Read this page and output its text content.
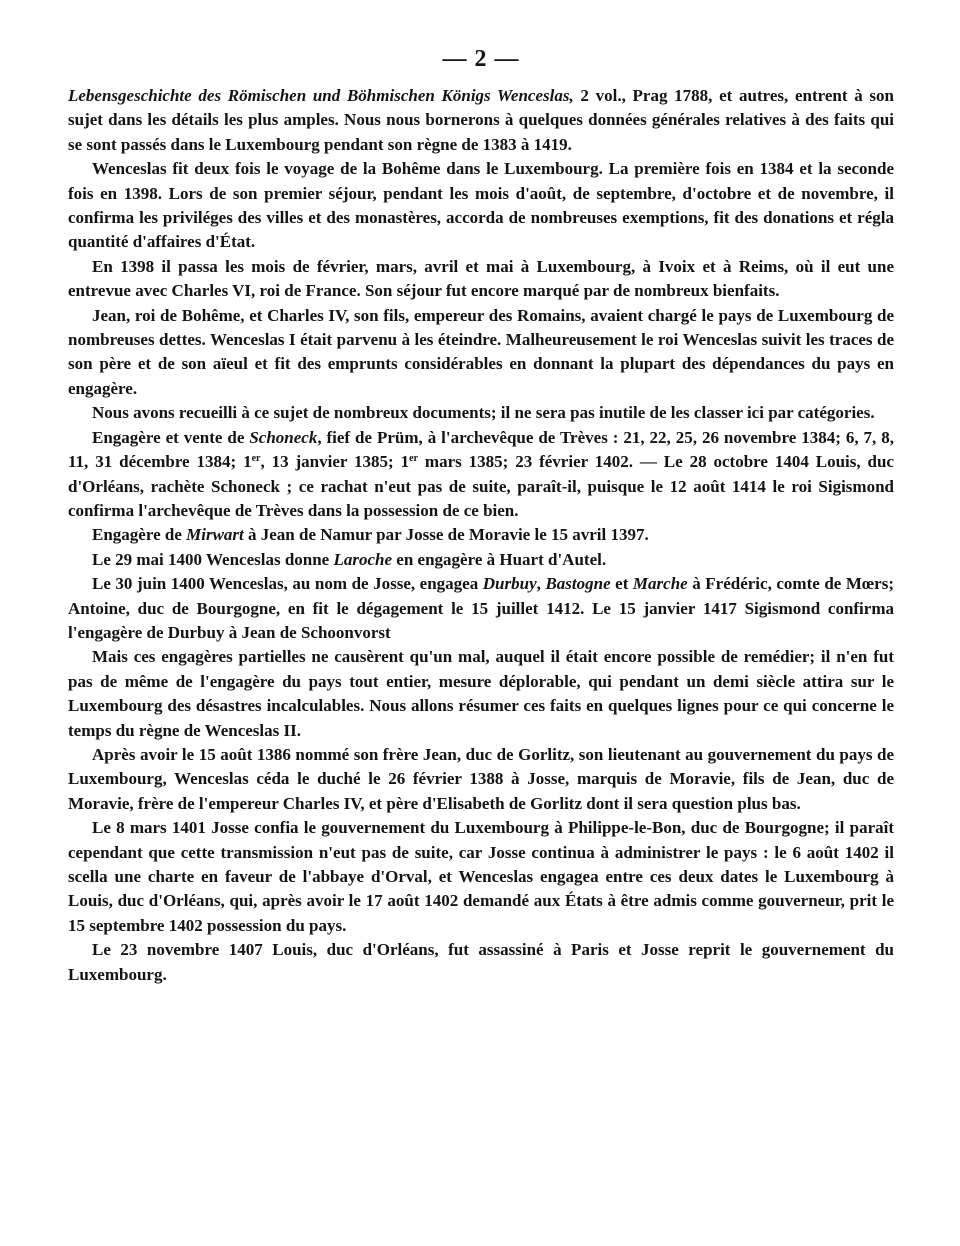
— 2 —

Lebensgeschichte des Römischen und Böhmischen Königs Wenceslas, 2 vol., Prag 1788, et autres, entrent à son sujet dans les détails les plus amples. Nous nous bornerons à quelques données générales relatives à des faits qui se sont passés dans le Luxembourg pendant son règne de 1383 à 1419.

Wenceslas fit deux fois le voyage de la Bohême dans le Luxembourg. La première fois en 1384 et la seconde fois en 1398. Lors de son premier séjour, pendant les mois d'août, de septembre, d'octobre et de novembre, il confirma les priviléges des villes et des monastères, accorda de nombreuses exemptions, fit des donations et régla quantité d'affaires d'État.

En 1398 il passa les mois de février, mars, avril et mai à Luxembourg, à Ivoix et à Reims, où il eut une entrevue avec Charles VI, roi de France. Son séjour fut encore marqué par de nombreux bienfaits.

Jean, roi de Bohême, et Charles IV, son fils, empereur des Romains, avaient chargé le pays de Luxembourg de nombreuses dettes. Wenceslas I était parvenu à les éteindre. Malheureusement le roi Wenceslas suivit les traces de son père et de son aïeul et fit des emprunts considérables en donnant la plupart des dépendances du pays en engagère.

Nous avons recueilli à ce sujet de nombreux documents; il ne sera pas inutile de les classer ici par catégories.

Engagère et vente de Schoneck, fief de Prüm, à l'archevêque de Trèves : 21, 22, 25, 26 novembre 1384; 6, 7, 8, 11, 31 décembre 1384; 1er, 13 janvier 1385; 1er mars 1385; 23 février 1402. — Le 28 octobre 1404 Louis, duc d'Orléans, rachète Schoneck ; ce rachat n'eut pas de suite, paraît-il, puisque le 12 août 1414 le roi Sigismond confirma l'archevêque de Trèves dans la possession de ce bien.

Engagère de Mirwart à Jean de Namur par Josse de Moravie le 15 avril 1397.

Le 29 mai 1400 Wenceslas donne Laroche en engagère à Huart d'Autel.

Le 30 juin 1400 Wenceslas, au nom de Josse, engagea Durbuy, Bastogne et Marche à Frédéric, comte de Mœrs; Antoine, duc de Bourgogne, en fit le dégagement le 15 juillet 1412. Le 15 janvier 1417 Sigismond confirma l'engagère de Durbuy à Jean de Schoonvorst

Mais ces engagères partielles ne causèrent qu'un mal, auquel il était encore possible de remédier; il n'en fut pas de même de l'engagère du pays tout entier, mesure déplorable, qui pendant un demi siècle attira sur le Luxembourg des désastres incalculables. Nous allons résumer ces faits en quelques lignes pour ce qui concerne le temps du règne de Wenceslas II.

Après avoir le 15 août 1386 nommé son frère Jean, duc de Gorlitz, son lieutenant au gouvernement du pays de Luxembourg, Wenceslas céda le duché le 26 février 1388 à Josse, marquis de Moravie, fils de Jean, duc de Moravie, frère de l'empereur Charles IV, et père d'Elisabeth de Gorlitz dont il sera question plus bas.

Le 8 mars 1401 Josse confia le gouvernement du Luxembourg à Philippe-le-Bon, duc de Bourgogne; il paraît cependant que cette transmission n'eut pas de suite, car Josse continua à administrer le pays : le 6 août 1402 il scella une charte en faveur de l'abbaye d'Orval, et Wenceslas engagea entre ces deux dates le Luxembourg à Louis, duc d'Orléans, qui, après avoir le 17 août 1402 demandé aux États à être admis comme gouverneur, prit le 15 septembre 1402 possession du pays.

Le 23 novembre 1407 Louis, duc d'Orléans, fut assassiné à Paris et Josse reprit le gouvernement du Luxembourg.
